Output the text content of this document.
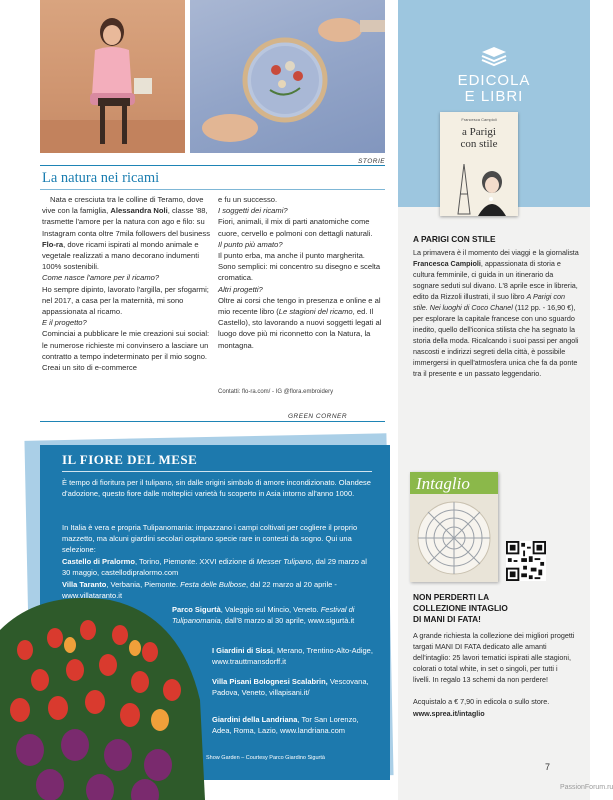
STORIE
La natura nei ricami

Nata e cresciuta tra le colline di Teramo, dove vive con la famiglia, Alessandra Noli, classe '88, trasmette l'amore per la natura con ago e filo: su Instagram conta oltre 7mila followers del business Flo-ra, dove ricami ispirati al mondo animale e vegetale realizzati a mano decorano indumenti 100% sostenibili.

Come nasce l'amore per il ricamo?

Ho sempre dipinto, lavorato l'argilla, per sfogarmi; nel 2017, a casa per la maternità, mi sono appassionata al ricamo.

E il progetto?

Cominciai a pubblicare le mie creazioni sui social: le numerose richieste mi convinsero a lasciare un contratto a tempo indeterminato per il mio sogno. Creai un sito di e-commerce

e fu un successo.

I soggetti dei ricami?

Fiori, animali, il mix di parti anatomiche come cuore, cervello e polmoni con dettagli naturali.

Il punto più amato?

Il punto erba, ma anche il punto margherita. Sono semplici: mi concentro su disegno e scelta cromatica.

Altri progetti?

Oltre ai corsi che tengo in presenza e online e al mio recente libro (Le stagioni del ricamo, ed. Il Castello), sto lavorando a nuovi soggetti legati al luogo dove più mi riconnetto con la Natura, la montagna.

Contatti: flo-ra.com/ - IG @flora.embroidery
GREEN CORNER
IL FIORE DEL MESE
È tempo di fioritura per il tulipano, sin dalle origini simbolo di amore incondizionato. Olandese d'adozione, questo fiore dalle molteplici varietà fu scoperto in Asia intorno all'anno 1000.
In Italia è vera e propria Tulipanomania: impazzano i campi coltivati per cogliere il proprio mazzetto, ma alcuni giardini secolari ospitano specie rare in contesti da sogno. Qui una selezione:
Castello di Pralormo, Torino, Piemonte. XXVI edizione di Messer Tulipano, dal 29 marzo al 30 maggio, castellodipralormo.com
Villa Taranto, Verbania, Piemonte. Festa delle Bulbose, dal 22 marzo al 20 aprile - www.villataranto.it
Parco Sigurtà, Valeggio sul Mincio, Veneto. Festival di Tulipanomania, dall'8 marzo al 30 aprile, www.sigurtà.it
I Giardini di Sissi, Merano, Trentino-Alto-Adige, www.trauttmansdorff.it
Villa Pisani Bolognesi Scalabrin, Vescovana, Padova, Veneto, villapisani.it/
Giardini della Landriana, Tor San Lorenzo, Adea, Roma, Lazio, www.landriana.com
Show Garden – Courtesy Parco Giardino Sigurtà
EDICOLA
E LIBRI
Francesca Campioli
a Parigi
con stile
A PARIGI CON STILE
La primavera è il momento dei viaggi e la giornalista Francesca Campioli, appassionata di storia e cultura femminile, ci guida in un itinerario da sognare seduti sul divano. L'8 aprile esce in libreria, edito da Rizzoli illustrati, il suo libro A Parigi con stile. Nei luoghi di Coco Chanel (112 pp. - 16,90 €), per esplorare la capitale francese con uno sguardo inedito, quello dell'iconica stilista che ha segnato la storia della moda. Ricalcando i suoi passi per angoli nascosti e indirizzi segreti della città, è possibile immergersi in quell'atmosfera unica che fa da ponte tra il presente e un passato leggendario.
Intaglio
NON PERDERTI LA
COLLEZIONE INTAGLIO
DI MANI DI FATA!
A grande richiesta la collezione dei migliori progetti targati MANI DI FATA dedicato alle amanti dell'intaglio: 25 lavori tematici ispirati alle stagioni, colorati o total white, in set o singoli, per tutti i livelli. In regalo 13 schemi da non perdere!
Acquistalo a € 7,90 in edicola o sullo store.
www.sprea.it/intaglio
7
PassionForum.ru
